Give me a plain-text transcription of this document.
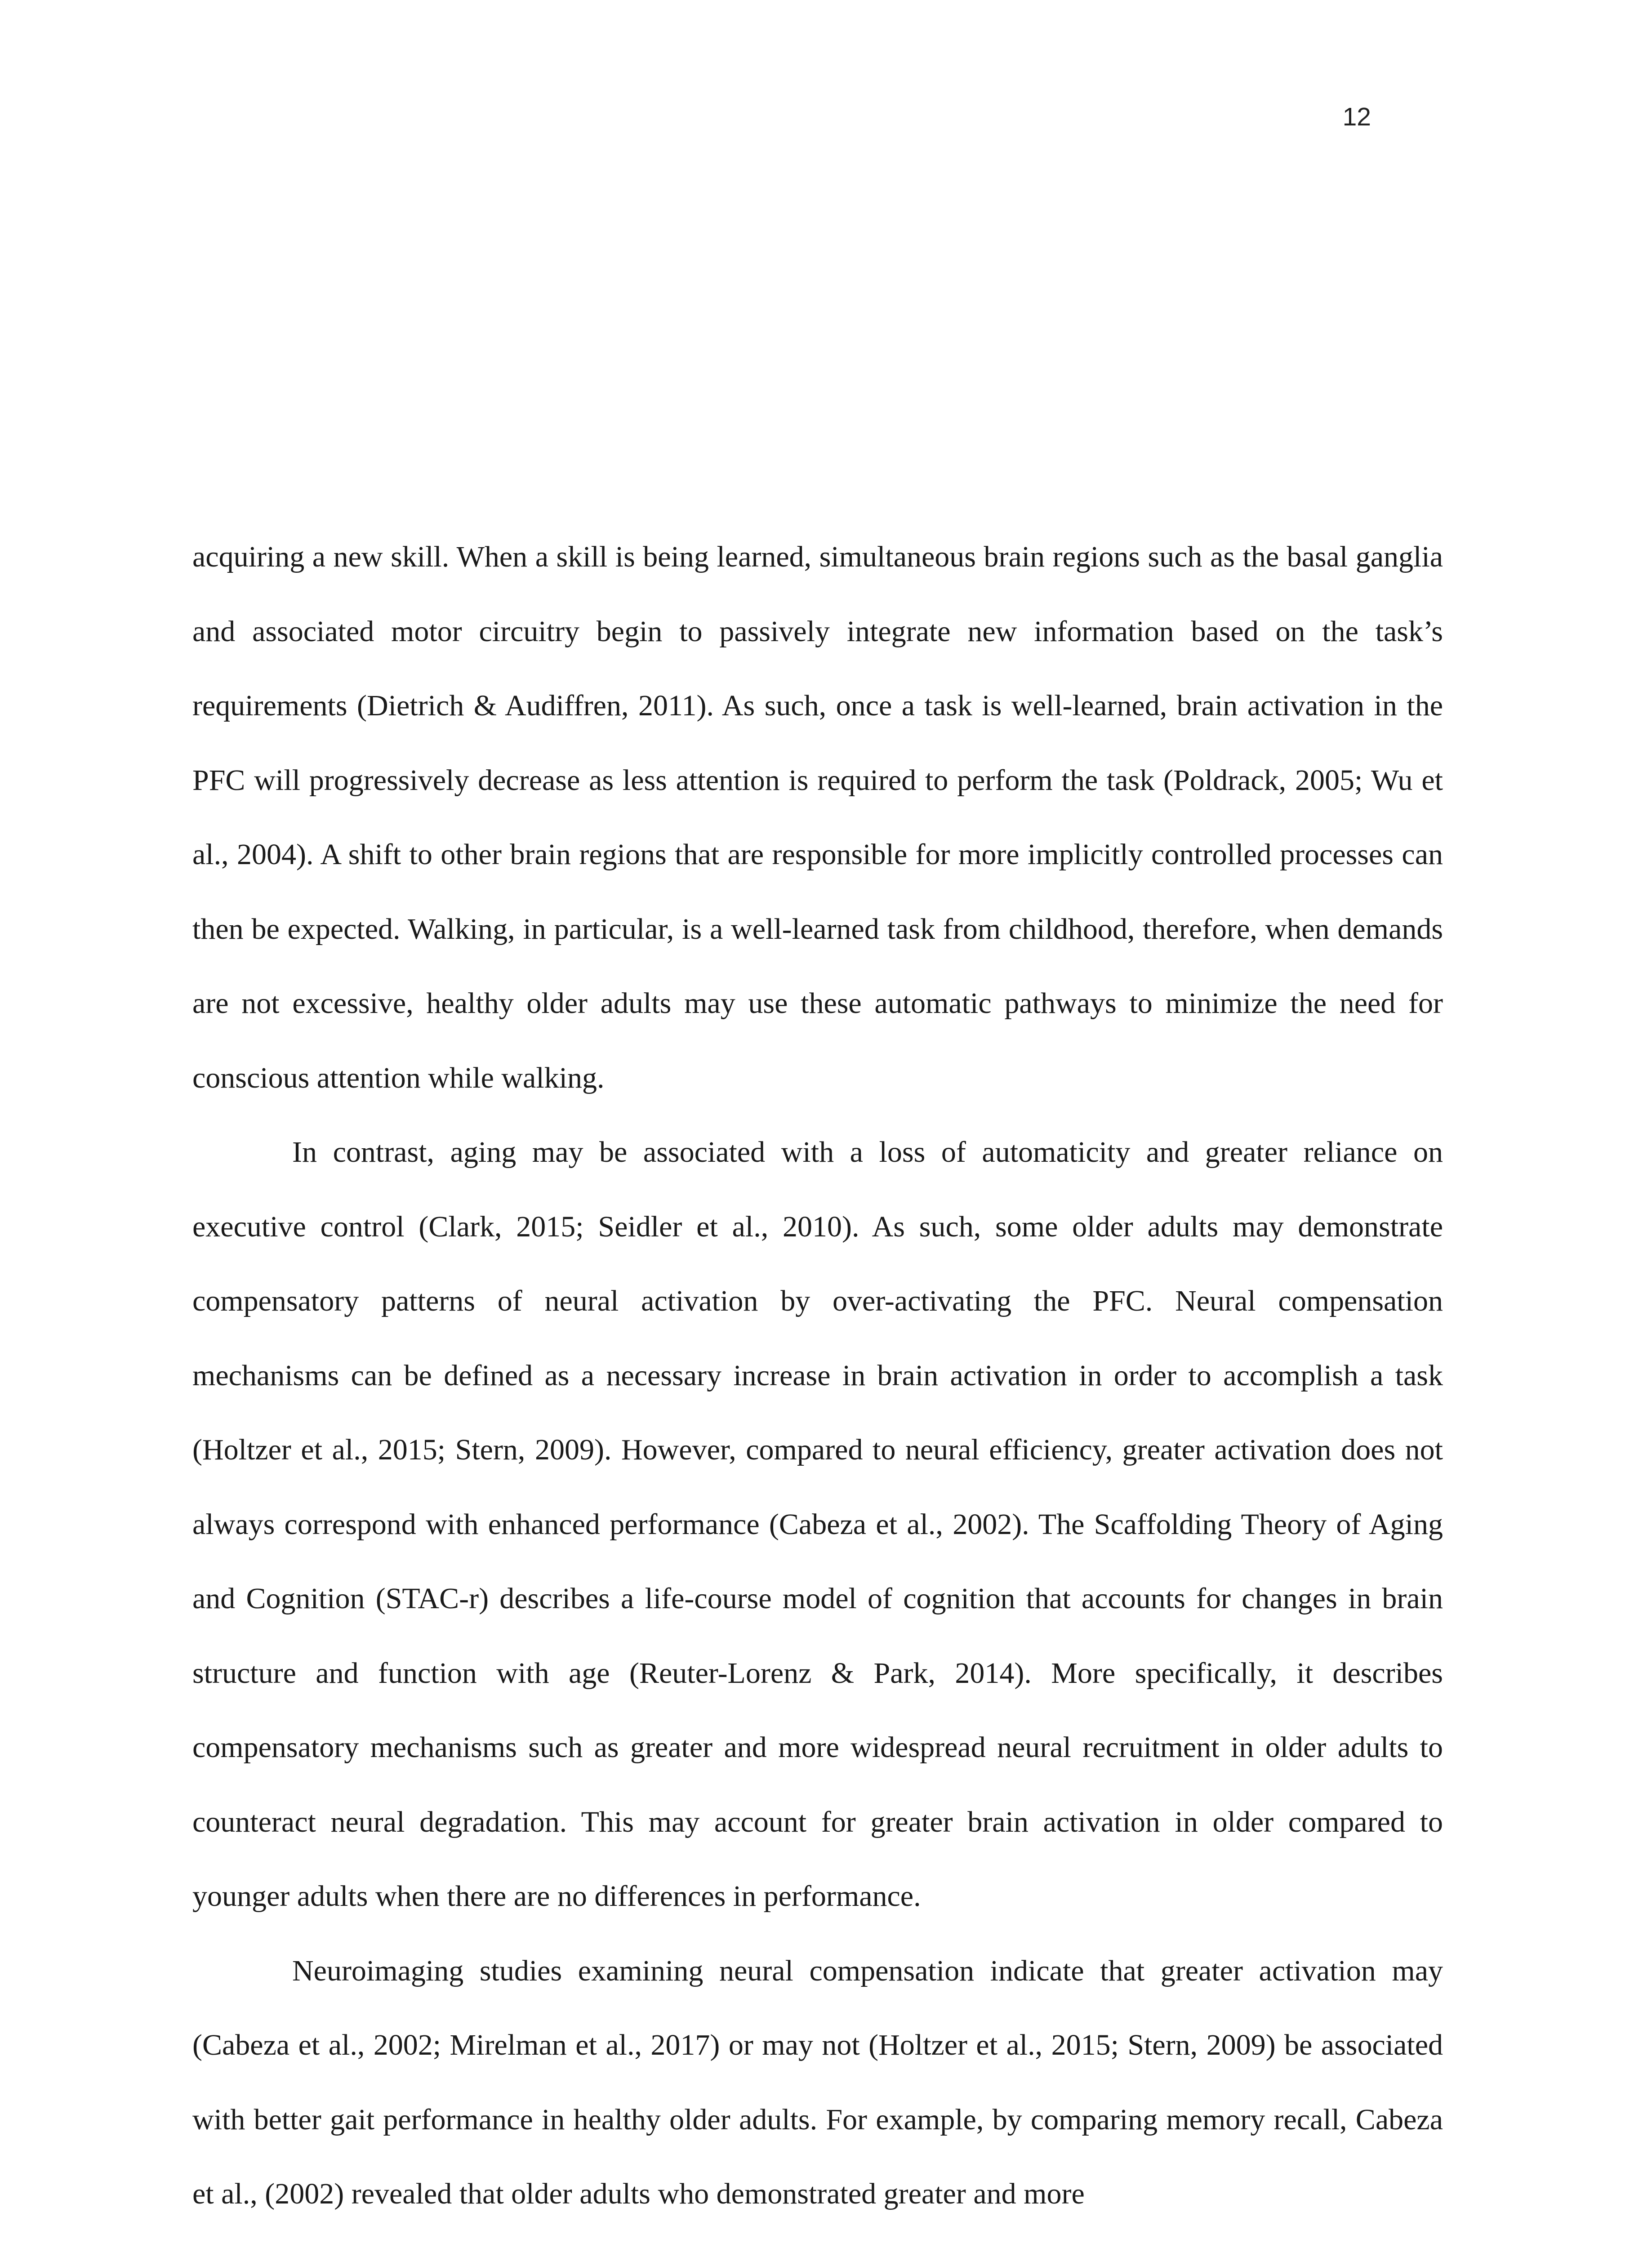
12

acquiring a new skill. When a skill is being learned, simultaneous brain regions such as the basal ganglia and associated motor circuitry begin to passively integrate new information based on the task’s requirements (Dietrich & Audiffren, 2011). As such, once a task is well-learned, brain activation in the PFC will progressively decrease as less attention is required to perform the task (Poldrack, 2005; Wu et al., 2004). A shift to other brain regions that are responsible for more implicitly controlled processes can then be expected. Walking, in particular, is a well-learned task from childhood, therefore, when demands are not excessive, healthy older adults may use these automatic pathways to minimize the need for conscious attention while walking.

In contrast, aging may be associated with a loss of automaticity and greater reliance on executive control (Clark, 2015; Seidler et al., 2010). As such, some older adults may demonstrate compensatory patterns of neural activation by over-activating the PFC. Neural compensation mechanisms can be defined as a necessary increase in brain activation in order to accomplish a task (Holtzer et al., 2015; Stern, 2009). However, compared to neural efficiency, greater activation does not always correspond with enhanced performance (Cabeza et al., 2002). The Scaffolding Theory of Aging and Cognition (STAC-r) describes a life-course model of cognition that accounts for changes in brain structure and function with age (Reuter-Lorenz & Park, 2014). More specifically, it describes compensatory mechanisms such as greater and more widespread neural recruitment in older adults to counteract neural degradation. This may account for greater brain activation in older compared to younger adults when there are no differences in performance.

Neuroimaging studies examining neural compensation indicate that greater activation may (Cabeza et al., 2002; Mirelman et al., 2017) or may not (Holtzer et al., 2015; Stern, 2009) be associated with better gait performance in healthy older adults. For example, by comparing memory recall, Cabeza et al., (2002) revealed that older adults who demonstrated greater and more
